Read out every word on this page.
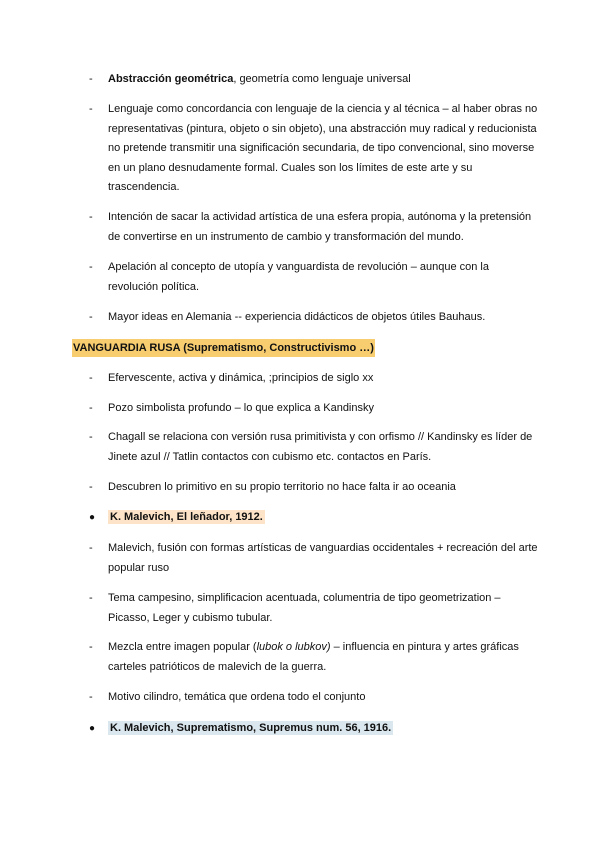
- Abstracción geométrica, geometría como lenguaje universal
- Lenguaje como concordancia con lenguaje de la ciencia y al técnica – al haber obras no representativas (pintura, objeto o sin objeto), una abstracción muy radical y reducionista no pretende transmitir una significación secundaria, de tipo convencional, sino moverse en un plano desnudamente formal. Cuales son los límites de este arte y su trascendencia.
- Intención de sacar la actividad artística de una esfera propia, autónoma y la pretensión de convertirse en un instrumento de cambio y transformación del mundo.
- Apelación al concepto de utopía y vanguardista de revolución – aunque con la revolución política.
- Mayor ideas en Alemania -- experiencia didácticos de objetos útiles Bauhaus.
VANGUARDIA RUSA (Suprematismo, Constructivismo …)
- Efervescente, activa y dinámica, ;principios de siglo xx
- Pozo simbolista profundo – lo que explica a Kandinsky
- Chagall se relaciona con versión rusa primitivista y con orfismo // Kandinsky es líder de Jinete azul // Tatlin contactos con cubismo etc. contactos en París.
- Descubren lo primitivo en su propio territorio no hace falta ir ao oceania
● K. Malevich, El leñador, 1912.
- Malevich, fusión con formas artísticas de vanguardias occidentales + recreación del arte popular ruso
- Tema campesino, simplificacion acentuada, columentria de tipo geometrization – Picasso, Leger y cubismo tubular.
- Mezcla entre imagen popular (lubok o lubkov) – influencia en pintura y artes gráficas carteles patrióticos de malevich de la guerra.
- Motivo cilindro, temática que ordena todo el conjunto
● K. Malevich, Suprematismo, Supremus num. 56, 1916.
